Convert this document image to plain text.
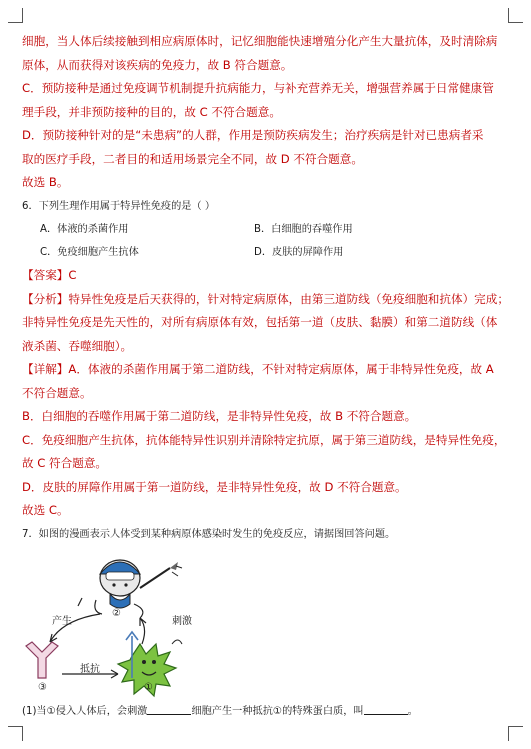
细胞，当人体后续接触到相应病原体时，记忆细胞能快速增殖分化产生大量抗体，及时清除病
原体，从而获得对该疾病的免疫力，故 B 符合题意。
C．预防接种是通过免疫调节机制提升抗病能力，与补充营养无关，增强营养属于日常健康管
理手段，并非预防接种的目的，故 C 不符合题意。
D．预防接种针对的是“未患病”的人群，作用是预防疾病发生；治疗疾病是针对已患病者采
取的医疗手段，二者目的和适用场景完全不同，故 D 不符合题意。
故选 B。
6．下列生理作用属于特异性免疫的是（ ）
A．体液的杀菌作用	B．白细胞的吞噬作用
C．免疫细胞产生抗体	D．皮肤的屏障作用
【答案】C
【分析】特异性免疫是后天获得的，针对特定病原体，由第三道防线（免疫细胞和抗体）完成；
非特异性免疫是先天性的，对所有病原体有效，包括第一道（皮肤、黏膜）和第二道防线（体
液杀菌、吞噬细胞）。
【详解】A．体液的杀菌作用属于第二道防线，不针对特定病原体，属于非特异性免疫，故 A
不符合题意。
B．白细胞的吞噬作用属于第二道防线，是非特异性免疫，故 B 不符合题意。
C．免疫细胞产生抗体，抗体能特异性识别并清除特定抗原，属于第三道防线，是特异性免疫，
故 C 符合题意。
D．皮肤的屏障作用属于第一道防线，是非特异性免疫，故 D 不符合题意。
故选 C。
7．如图的漫画表示人体受到某种病原体感染时发生的免疫反应，请据图回答问题。
产生	刺激
抵抗
②
③	①
(1)当①侵入人体后，会刺激	细胞产生一种抵抗①的特殊蛋白质，叫	。
